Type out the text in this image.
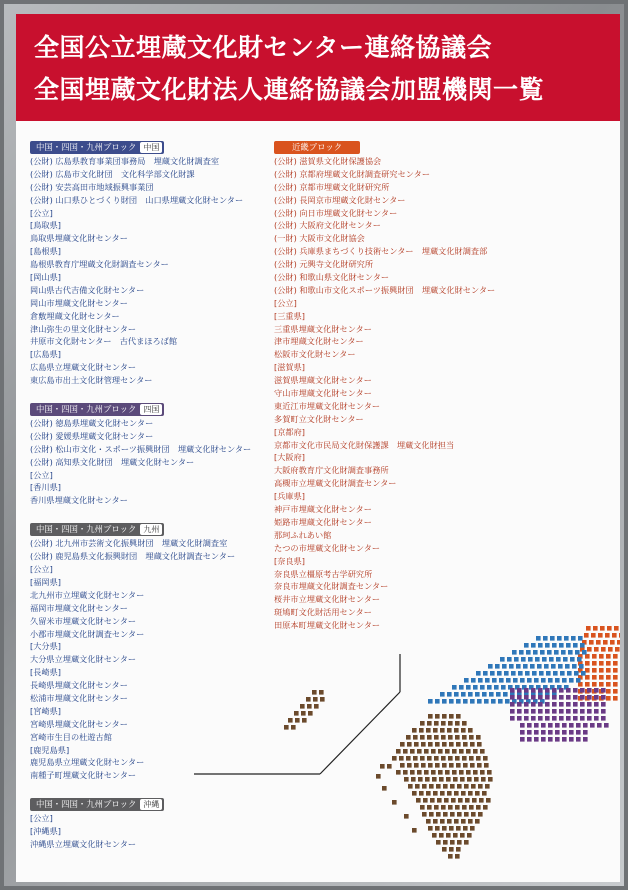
全国公立埋蔵文化財センター連絡協議会
全国埋蔵文化財法人連絡協議会加盟機関一覧
中国・四国・九州ブロック 中国
(公財) 広島県教育事業団事務局　埋蔵文化財調査室
(公財) 広島市文化財団　文化科学部文化財課
(公財) 安芸高田市地域振興事業団
(公財) 山口県ひとづくり財団　山口県埋蔵文化財センター
[公立]
[鳥取県]
鳥取県埋蔵文化財センター
[島根県]
島根県教育庁埋蔵文化財調査センター
[岡山県]
岡山県古代吉備文化財センター
岡山市埋蔵文化財センター
倉敷埋蔵文化財センター
津山弥生の里文化財センター
井原市文化財センター　古代まほろば館
[広島県]
広島県立埋蔵文化財センター
東広島市出土文化財管理センター
中国・四国・九州ブロック 四国
(公財) 徳島県埋蔵文化財センター
(公財) 愛媛県埋蔵文化財センター
(公財) 松山市文化・スポーツ振興財団　埋蔵文化財センター
(公財) 高知県文化財団　埋蔵文化財センター
[公立]
[香川県]
香川県埋蔵文化財センター
中国・四国・九州ブロック 九州
(公財) 北九州市芸術文化振興財団　埋蔵文化財調査室
(公財) 鹿児島県文化振興財団　埋蔵文化財調査センター
[公立]
[福岡県]
北九州市立埋蔵文化財センター
福岡市埋蔵文化財センター
久留米市埋蔵文化財センター
小郡市埋蔵文化財調査センター
[大分県]
大分県立埋蔵文化財センター
[長崎県]
長崎県埋蔵文化財センター
松浦市埋蔵文化財センター
[宮崎県]
宮崎県埋蔵文化財センター
宮崎市生目の杜遊古館
[鹿児島県]
鹿児島県立埋蔵文化財センター
南種子町埋蔵文化財センター
中国・四国・九州ブロック 沖縄
[公立]
[沖縄県]
沖縄県立埋蔵文化財センター
近畿ブロック
(公財) 滋賀県文化財保護協会
(公財) 京都府埋蔵文化財調査研究センター
(公財) 京都市埋蔵文化財研究所
(公財) 長岡京市埋蔵文化財センター
(公財) 向日市埋蔵文化財センター
(公財) 大阪府文化財センター
(一財) 大阪市文化財協会
(公財) 兵庫県まちづくり技術センター　埋蔵文化財調査部
(公財) 元興寺文化財研究所
(公財) 和歌山県文化財センター
(公財) 和歌山市文化スポーツ振興財団　埋蔵文化財センター
[公立]
[三重県]
三重県埋蔵文化財センター
津市埋蔵文化財センター
松阪市文化財センター
[滋賀県]
滋賀県埋蔵文化財センター
守山市埋蔵文化財センター
東近江市埋蔵文化財センター
多賀町立文化財センター
[京都府]
京都市文化市民局文化財保護課　埋蔵文化財担当
[大阪府]
大阪府教育庁文化財調査事務所
高槻市立埋蔵文化財調査センター
[兵庫県]
神戸市埋蔵文化財センター
姫路市埋蔵文化財センター
那珂ふれあい館
たつの市埋蔵文化財センター
[奈良県]
奈良県立橿原考古学研究所
奈良市埋蔵文化財調査センター
桜井市立埋蔵文化財センター
斑鳩町文化財活用センター
田原本町埋蔵文化財センター
